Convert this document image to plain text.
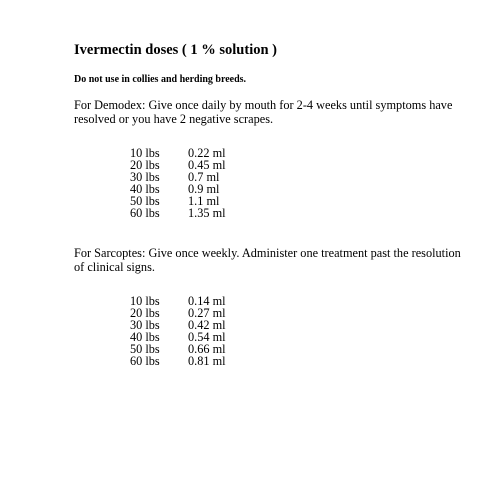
Ivermectin doses ( 1 % solution )

Do not use in collies and herding breeds.

For Demodex: Give once daily by mouth for 2-4 weeks until symptoms have resolved or you have 2 negative scrapes.

10 lbs	0.22 ml
20 lbs	0.45 ml
30 lbs	0.7 ml
40 lbs	0.9 ml
50 lbs	1.1 ml
60 lbs	1.35 ml

For Sarcoptes: Give once weekly. Administer one treatment past the resolution of clinical signs.

10 lbs	0.14 ml
20 lbs	0.27 ml
30 lbs	0.42 ml
40 lbs	0.54 ml
50 lbs	0.66 ml
60 lbs	0.81 ml
